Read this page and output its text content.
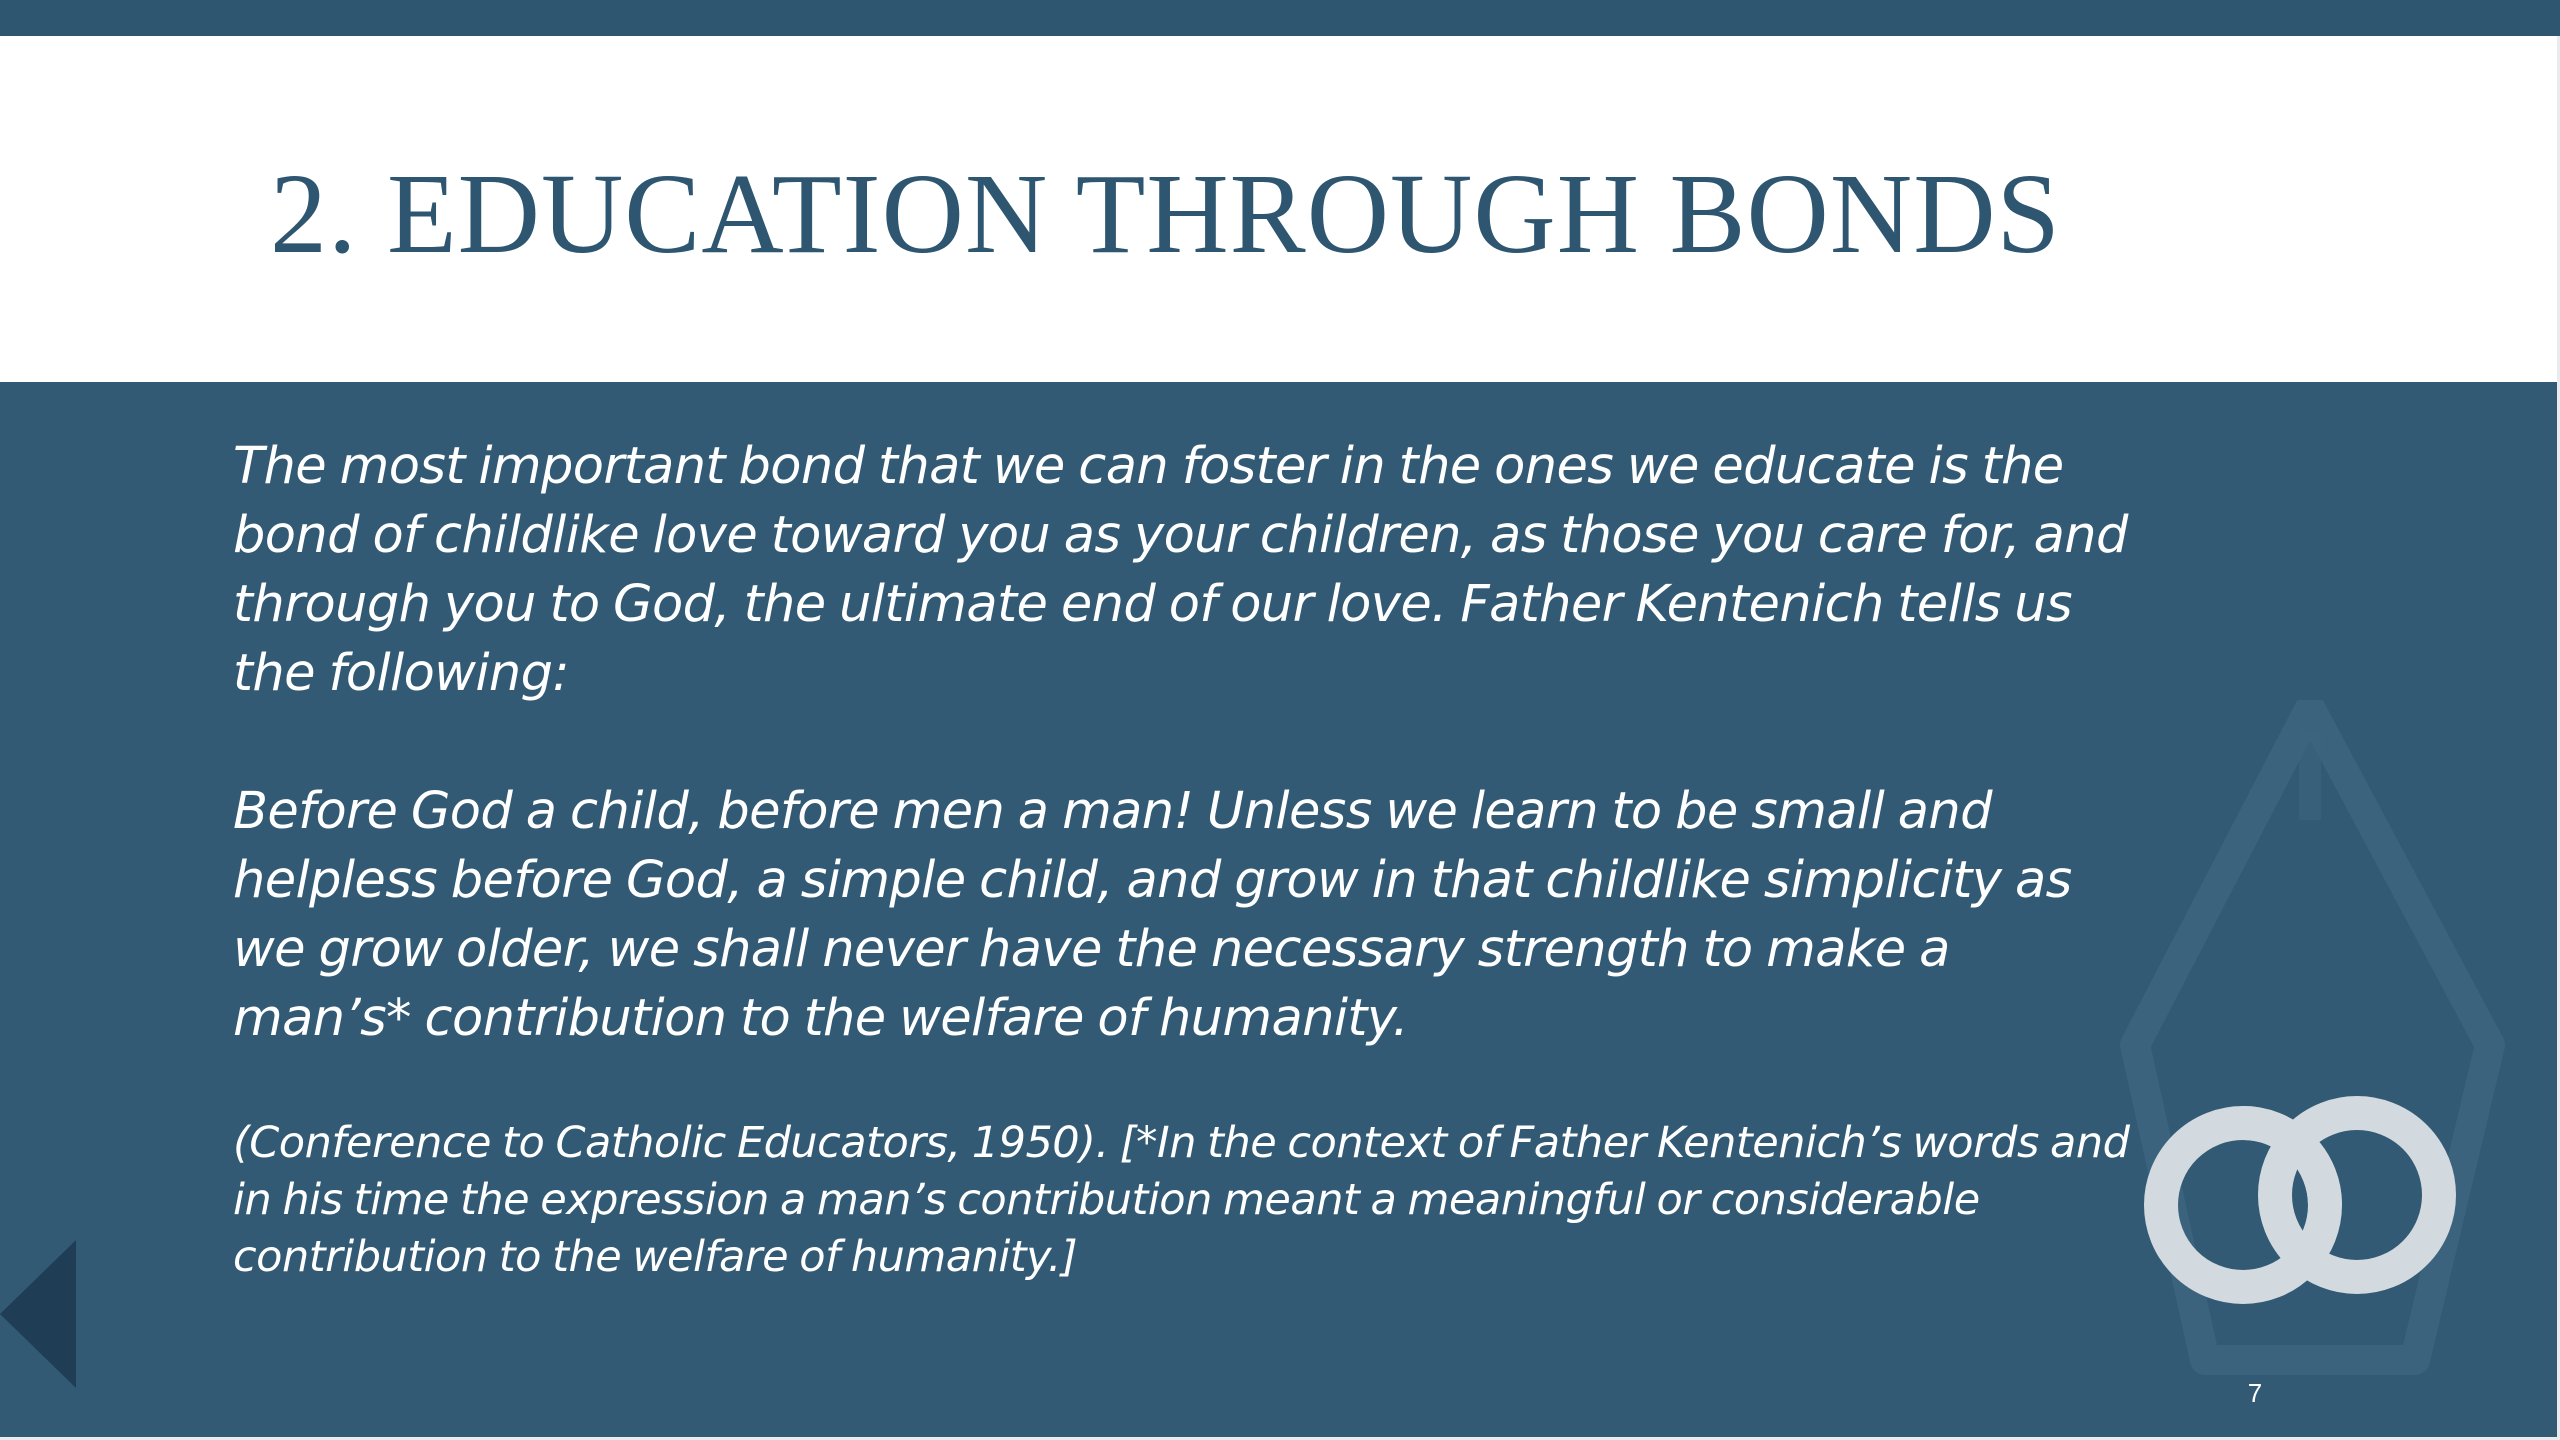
2. EDUCATION THROUGH BONDS

The most important bond that we can foster in the ones we educate is the bond of childlike love toward you as your children, as those you care for, and through you to God, the ultimate end of our love. Father Kentenich tells us the following:

Before God a child, before men a man! Unless we learn to be small and helpless before God, a simple child, and grow in that childlike simplicity as we grow older, we shall never have the necessary strength to make a man’s* contribution to the welfare of humanity.

(Conference to Catholic Educators, 1950). [*In the context of Father Kentenich’s words and in his time the expression a man’s contribution meant a meaningful or considerable contribution to the welfare of humanity.]

7
